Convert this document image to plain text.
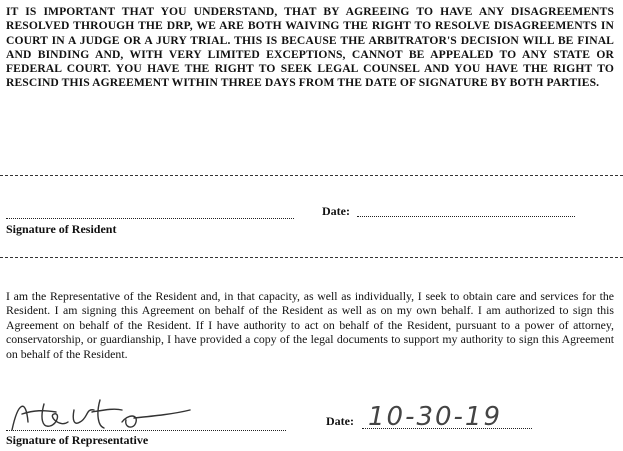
IT IS IMPORTANT THAT YOU UNDERSTAND, THAT BY AGREEING TO HAVE ANY DISAGREEMENTS RESOLVED THROUGH THE DRP, WE ARE BOTH WAIVING THE RIGHT TO RESOLVE DISAGREEMENTS IN COURT IN A JUDGE OR A JURY TRIAL. THIS IS BECAUSE THE ARBITRATOR'S DECISION WILL BE FINAL AND BINDING AND, WITH VERY LIMITED EXCEPTIONS, CANNOT BE APPEALED TO ANY STATE OR FEDERAL COURT. YOU HAVE THE RIGHT TO SEEK LEGAL COUNSEL AND YOU HAVE THE RIGHT TO RESCIND THIS AGREEMENT WITHIN THREE DAYS FROM THE DATE OF SIGNATURE BY BOTH PARTIES.
Date:
Signature of Resident
I am the Representative of the Resident and, in that capacity, as well as individually, I seek to obtain care and services for the Resident. I am signing this Agreement on behalf of the Resident as well as on my own behalf. I am authorized to sign this Agreement on behalf of the Resident. If I have authority to act on behalf of the Resident, pursuant to a power of attorney, conservatorship, or guardianship, I have provided a copy of the legal documents to support my authority to sign this Agreement on behalf of the Resident.
Date: 10-30-19
Signature of Representative
